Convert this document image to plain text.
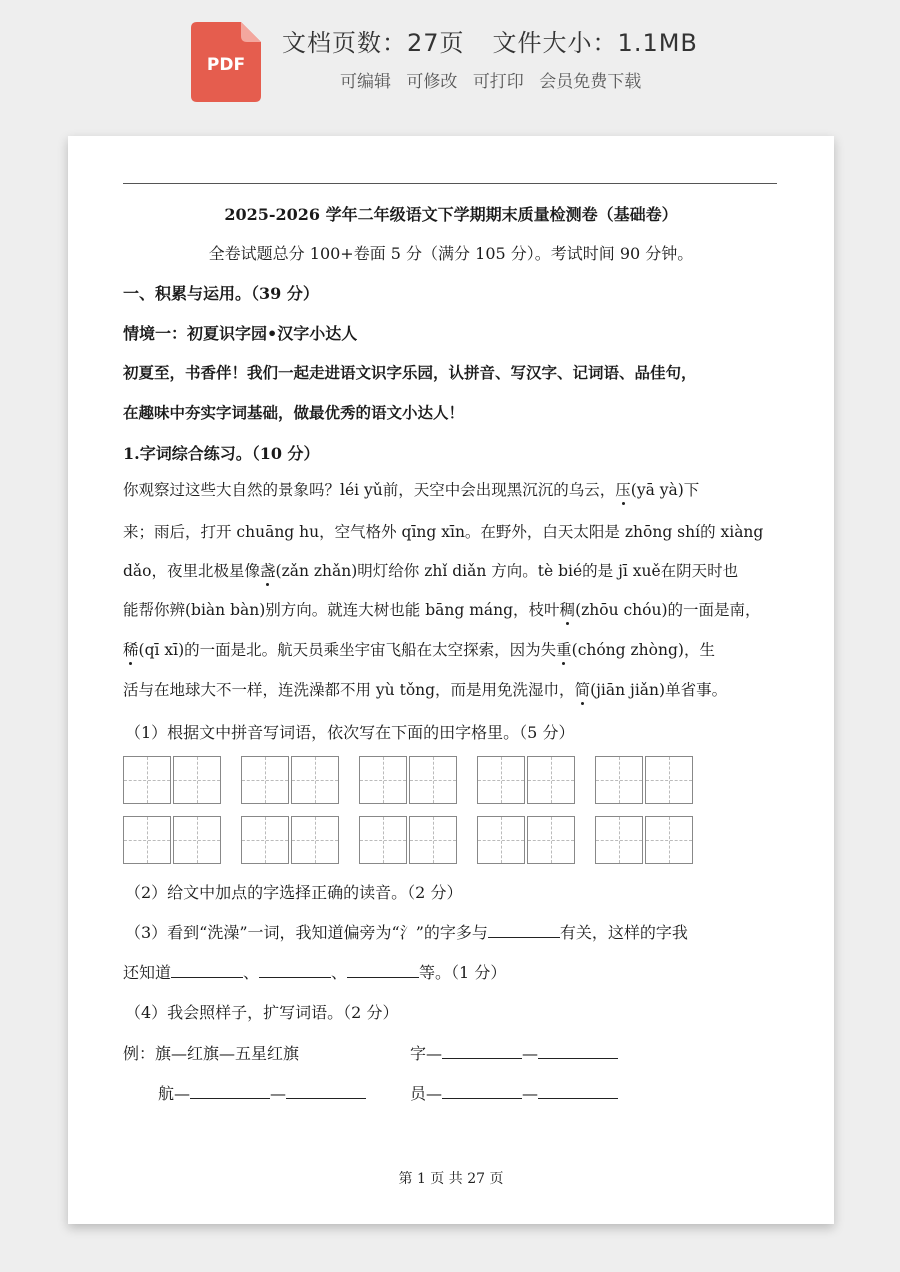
PDF
文档页数：27页 文件大小：1.1MB
可编辑 可修改 可打印 会员免费下载
2025-2026 学年二年级语文下学期期末质量检测卷（基础卷）
全卷试题总分 100+卷面 5 分（满分 105 分）。考试时间 90 分钟。
一、积累与运用。（39 分）
情境一：初夏识字园•汉字小达人
初夏至，书香伴！我们一起走进语文识字乐园，认拼音、写汉字、记词语、品佳句，
在趣味中夯实字词基础，做最优秀的语文小达人！
1.字词综合练习。（10 分）
你观察过这些大自然的景象吗？léi yǔ前，天空中会出现黑沉沉的乌云，压(yā yà)下
来；雨后，打开 chuāng hu，空气格外 qīng xīn。在野外，白天太阳是 zhōng shí的 xiàng
dǎo，夜里北极星像盏(zǎn zhǎn)明灯给你 zhǐ diǎn 方向。tè bié的是 jī xuě在阴天时也
能帮你辨(biàn bàn)别方向。就连大树也能 bāng máng，枝叶稠(zhōu chóu)的一面是南，
稀(qī xī)的一面是北。航天员乘坐宇宙飞船在太空探索，因为失重(chóng zhòng)，生
活与在地球大不一样，连洗澡都不用 yù tǒng，而是用免洗湿巾，简(jiān jiǎn)单省事。
（1）根据文中拼音写词语，依次写在下面的田字格里。（5 分）
（2）给文中加点的字选择正确的读音。（2 分）
（3）看到“洗澡”一词，我知道偏旁为“氵”的字多与	有关，这样的字我
还知道	、	、	等。（1 分）
（4）我会照样子，扩写词语。（2 分）
例：旗—红旗—五星红旗	字—	—
航—	—	员—	—
第 1 页 共 27 页
